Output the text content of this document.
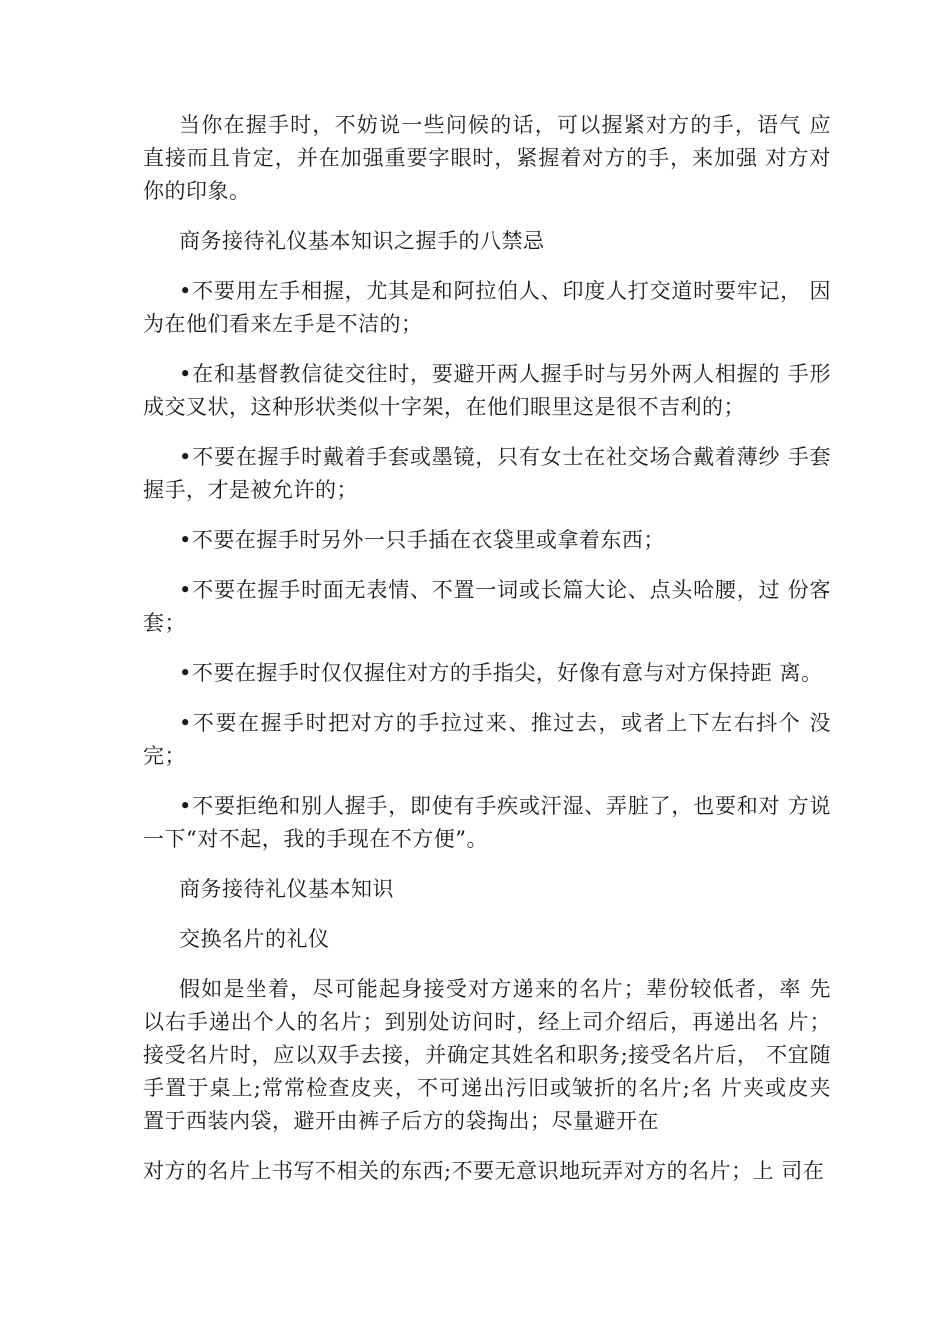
当你在握手时，不妨说一些问候的话，可以握紧对方的手，语气 应直接而且肯定，并在加强重要字眼时，紧握着对方的手，来加强 对方对你的印象。

商务接待礼仪基本知识之握手的八禁忌

•不要用左手相握，尤其是和阿拉伯人、印度人打交道时要牢记， 因为在他们看来左手是不洁的；

•在和基督教信徒交往时，要避开两人握手时与另外两人相握的 手形成交叉状，这种形状类似十字架，在他们眼里这是很不吉利的；

•不要在握手时戴着手套或墨镜，只有女士在社交场合戴着薄纱 手套握手，才是被允许的；

•不要在握手时另外一只手插在衣袋里或拿着东西；

•不要在握手时面无表情、不置一词或长篇大论、点头哈腰，过 份客套；

•不要在握手时仅仅握住对方的手指尖，好像有意与对方保持距 离。

•不要在握手时把对方的手拉过来、推过去，或者上下左右抖个 没完；

•不要拒绝和别人握手，即使有手疾或汗湿、弄脏了，也要和对 方说一下“对不起，我的手现在不方便”。

商务接待礼仪基本知识

交换名片的礼仪

假如是坐着，尽可能起身接受对方递来的名片；辈份较低者，率 先以右手递出个人的名片；到别处访问时，经上司介绍后，再递出名 片；接受名片时，应以双手去接，并确定其姓名和职务;接受名片后， 不宜随手置于桌上;常常检查皮夹，不可递出污旧或皱折的名片;名 片夹或皮夹置于西装内袋，避开由裤子后方的袋掏出；尽量避开在

对方的名片上书写不相关的东西;不要无意识地玩弄对方的名片；上 司在
